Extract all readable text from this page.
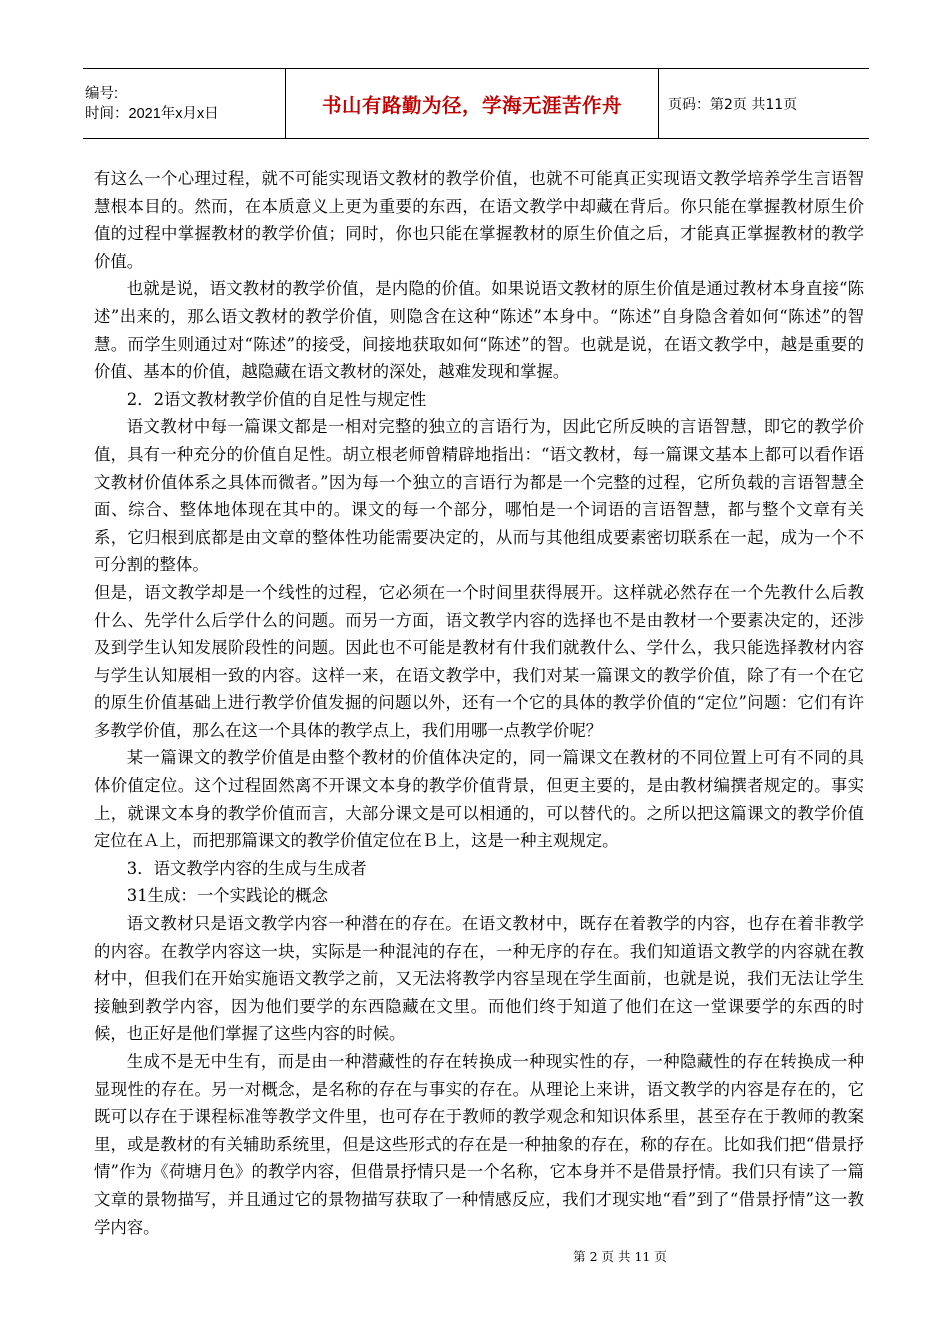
编号:
时间：2021年x月x日	书山有路勤为径，学海无涯苦作舟	页码：第2页 共11页

有这么一个心理过程，就不可能实现语文教材的教学价值，也就不可能真正实现语文教学培养学生言语智慧根本目的。然而，在本质意义上更为重要的东西，在语文教学中却藏在背后。你只能在掌握教材原生价值的过程中掌握教材的教学价值；同时，你也只能在掌握教材的原生价值之后，才能真正掌握教材的教学价值。

也就是说，语文教材的教学价值，是内隐的价值。如果说语文教材的原生价值是通过教材本身直接“陈述”出来的，那么语文教材的教学价值，则隐含在这种“陈述”本身中。“陈述”自身隐含着如何“陈述”的智慧。而学生则通过对“陈述”的接受，间接地获取如何“陈述”的智。也就是说，在语文教学中，越是重要的价值、基本的价值，越隐藏在语文教材的深处，越难发现和掌握。

2．2语文教材教学价值的自足性与规定性

语文教材中每一篇课文都是一相对完整的独立的言语行为，因此它所反映的言语智慧，即它的教学价值，具有一种充分的价值自足性。胡立根老师曾精辟地指出：“语文教材，每一篇课文基本上都可以看作语文教材价值体系之具体而微者。”因为每一个独立的言语行为都是一个完整的过程，它所负载的言语智慧全面、综合、整体地体现在其中的。课文的每一个部分，哪怕是一个词语的言语智慧，都与整个文章有关系，它归根到底都是由文章的整体性功能需要决定的，从而与其他组成要素密切联系在一起，成为一个不可分割的整体。

但是，语文教学却是一个线性的过程，它必须在一个时间里获得展开。这样就必然存在一个先教什么后教什么、先学什么后学什么的问题。而另一方面，语文教学内容的选择也不是由教材一个要素决定的，还涉及到学生认知发展阶段性的问题。因此也不可能是教材有什我们就教什么、学什么，我只能选择教材内容与学生认知展相一致的内容。这样一来，在语文教学中，我们对某一篇课文的教学价值，除了有一个在它的原生价值基础上进行教学价值发掘的问题以外，还有一个它的具体的教学价值的“定位”问题：它们有许多教学价值，那么在这一个具体的教学点上，我们用哪一点教学价呢？

某一篇课文的教学价值是由整个教材的价值体决定的，同一篇课文在教材的不同位置上可有不同的具体价值定位。这个过程固然离不开课文本身的教学价值背景，但更主要的，是由教材编撰者规定的。事实上，就课文本身的教学价值而言，大部分课文是可以相通的，可以替代的。之所以把这篇课文的教学价值定位在Ａ上，而把那篇课文的教学价值定位在Ｂ上，这是一种主观规定。

3．语文教学内容的生成与生成者

31生成：一个实践论的概念

语文教材只是语文教学内容一种潜在的存在。在语文教材中，既存在着教学的内容，也存在着非教学的内容。在教学内容这一块，实际是一种混沌的存在，一种无序的存在。我们知道语文教学的内容就在教材中，但我们在开始实施语文教学之前，又无法将教学内容呈现在学生面前，也就是说，我们无法让学生接触到教学内容，因为他们要学的东西隐藏在文里。而他们终于知道了他们在这一堂课要学的东西的时候，也正好是他们掌握了这些内容的时候。

生成不是无中生有，而是由一种潜藏性的存在转换成一种现实性的存，一种隐藏性的存在转换成一种显现性的存在。另一对概念，是名称的存在与事实的存在。从理论上来讲，语文教学的内容是存在的，它既可以存在于课程标准等教学文件里，也可存在于教师的教学观念和知识体系里，甚至存在于教师的教案里，或是教材的有关辅助系统里，但是这些形式的存在是一种抽象的存在，称的存在。比如我们把“借景抒情”作为《荷塘月色》的教学内容，但借景抒情只是一个名称，它本身并不是借景抒情。我们只有读了一篇文章的景物描写，并且通过它的景物描写获取了一种情感反应，我们才现实地“看”到了“借景抒情”这一教学内容。

第 2 页 共 11 页
